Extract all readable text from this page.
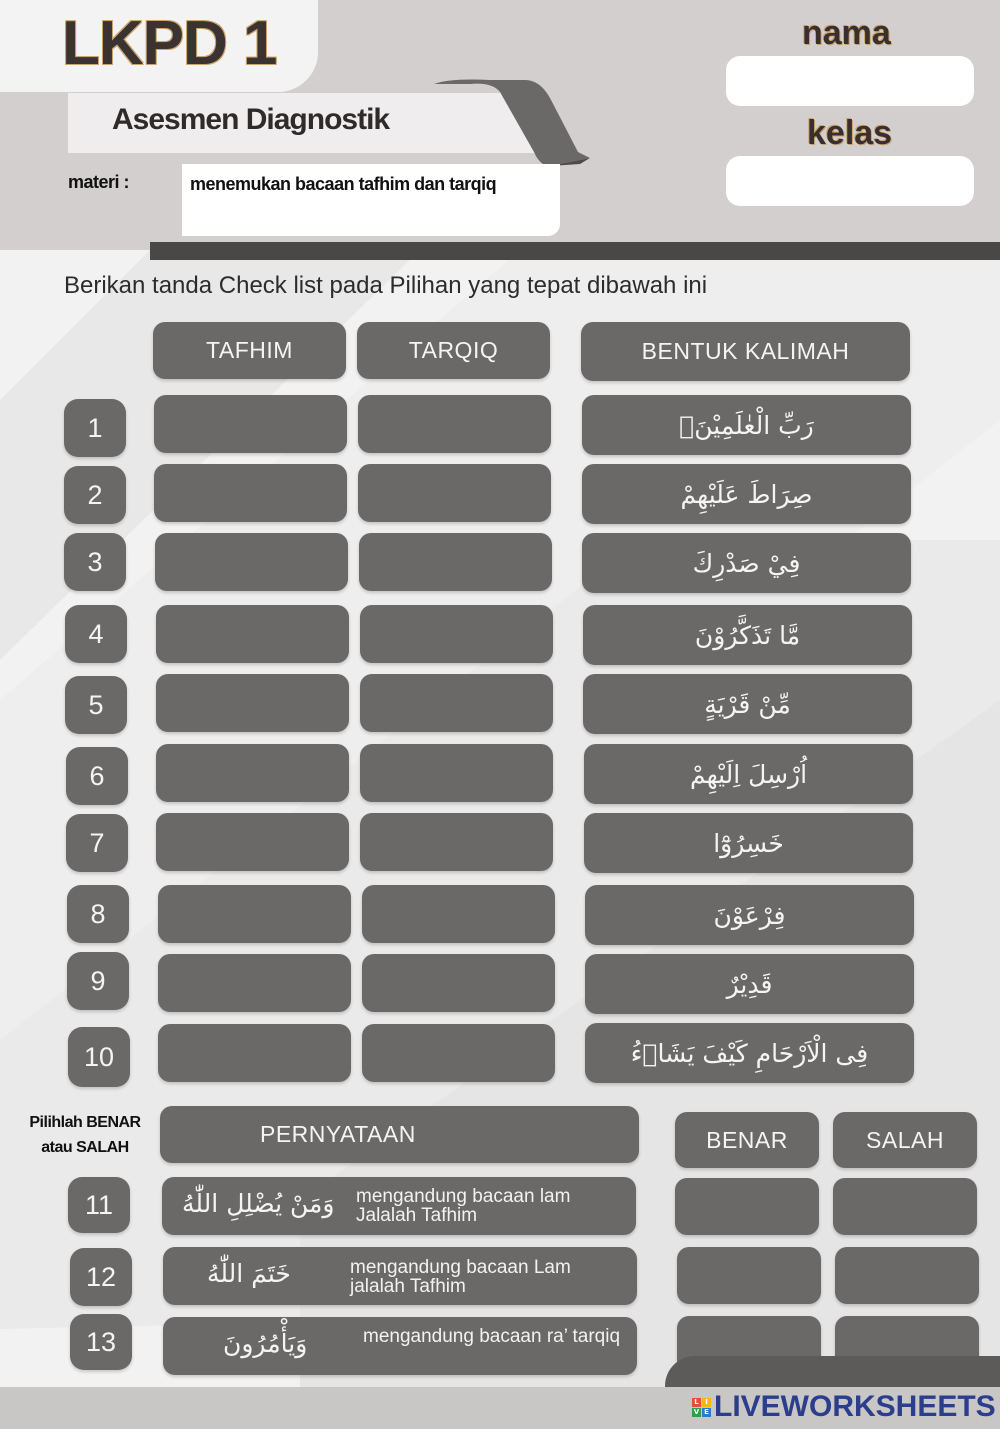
LKPD 1
Asesmen Diagnostik
materi :	menemukan bacaan tafhim dan tarqiq
nama
kelas
Berikan tanda Check list pada Pilihan yang tepat dibawah ini
TAFHIM	TARQIQ	BENTUK KALIMAH
1	رَبِّ الْعٰلَمِيْنَۙ
2	صِرَاطَ عَلَيْهِمْ
3	فِيْ صَدْرِكَ
4	مَّا تَذَكَّرُوْنَ
5	مِّنْ قَرْيَةٍ
6	اُرْسِلَ اِلَيْهِمْ
7	خَسِرُوْٓا
8	فِرْعَوْنَ
9	قَدِيْرٌ
10	فِى الْاَرْحَامِ كَيْفَ يَشَاۤءُ
Pilihlah BENAR
atau SALAH
PERNYATAAN	BENAR	SALAH
11	وَمَنْ يُضْلِلِ اللّٰهُ mengandung bacaan lam Jalalah Tafhim
12	خَتَمَ اللّٰهُ	mengandung bacaan Lam jalalah Tafhim
13	وَيَأْمُرُونَ	mengandung bacaan ra’ tarqiq
L I
V E LIVEWORKSHEETS
